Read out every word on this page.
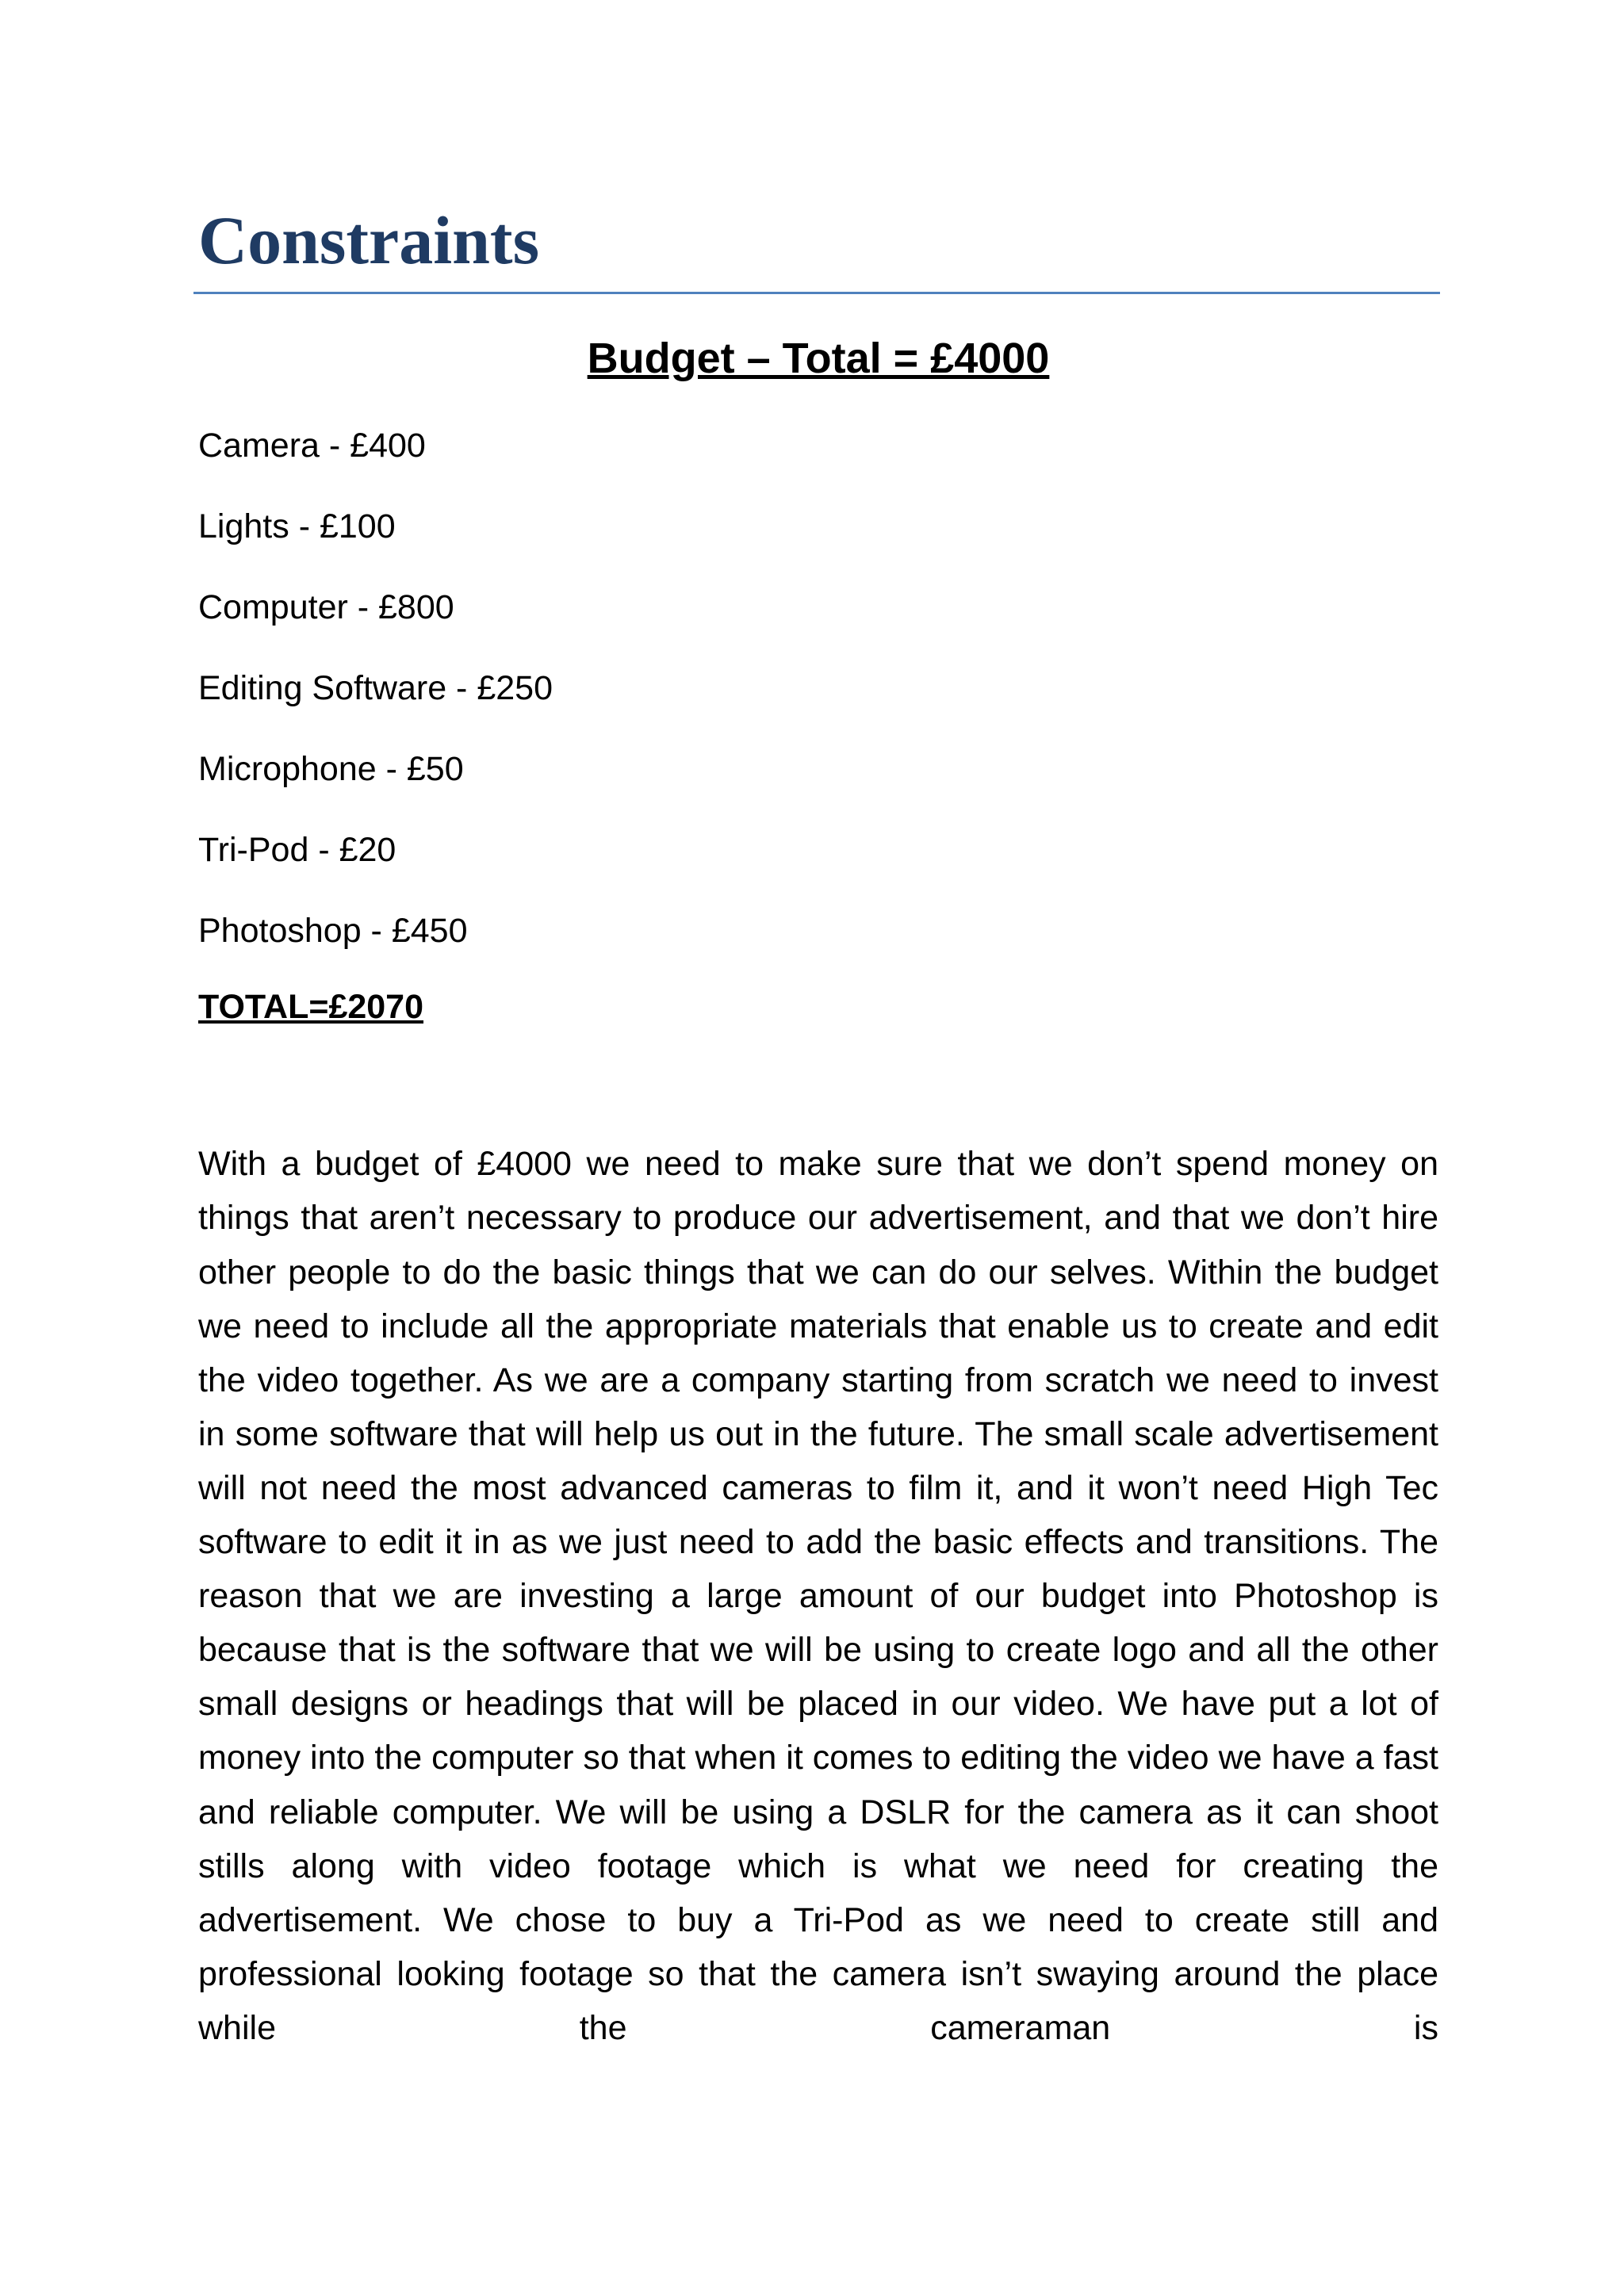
Constraints
Budget – Total = £4000
Camera - £400
Lights - £100
Computer - £800
Editing Software - £250
Microphone - £50
Tri-Pod - £20
Photoshop - £450

TOTAL=£2070

With a budget of £4000 we need to make sure that we don’t spend money on things that aren’t necessary to produce our advertisement, and that we don’t hire other people to do the basic things that we can do our selves. Within the budget we need to include all the appropriate materials that enable us to create and edit the video together. As we are a company starting from scratch we need to invest in some software that will help us out in the future. The small scale advertisement will not need the most advanced cameras to film it, and it won’t need High Tec software to edit it in as we just need to add the basic effects and transitions. The reason that we are investing a large amount of our budget into Photoshop is because that is the software that we will be using to create logo and all the other small designs or headings that will be placed in our video. We have put a lot of money into the computer so that when it comes to editing the video we have a fast and reliable computer. We will be using a DSLR for the camera as it can shoot stills along with video footage which is what we need for creating the advertisement. We chose to buy a Tri-Pod as we need to create still and professional looking footage so that the camera isn’t swaying around the place while the cameraman is
